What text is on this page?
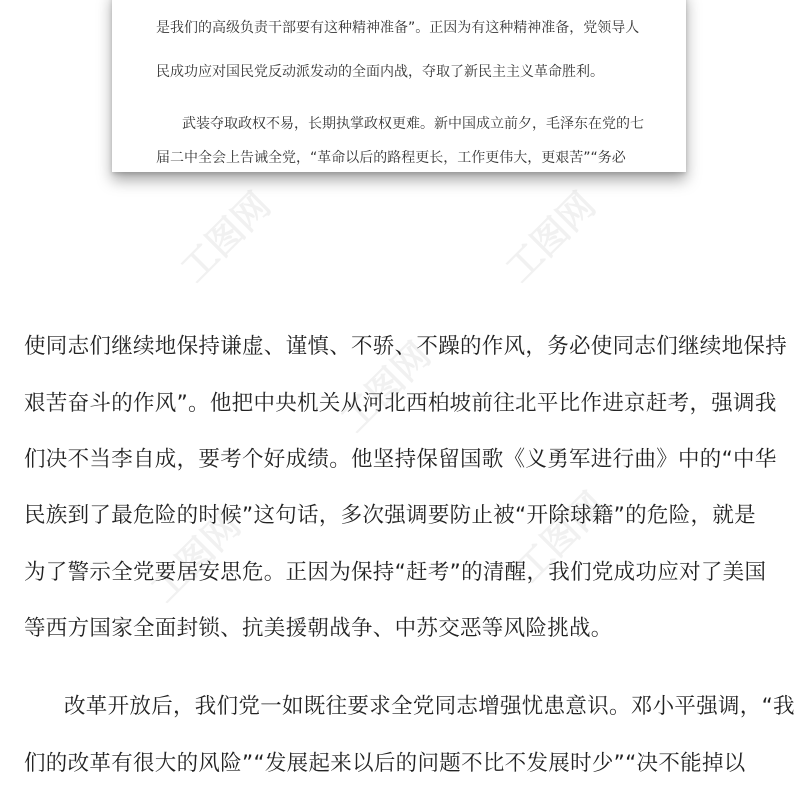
是我们的高级负责干部要有这种精神准备”。正因为有这种精神准备，党领导人
民成功应对国民党反动派发动的全面内战，夺取了新民主主义革命胜利。
武装夺取政权不易，长期执掌政权更难。新中国成立前夕，毛泽东在党的七
届二中全会上告诫全党，“革命以后的路程更长，工作更伟大，更艰苦”“务必
工图网	工图网
工图网
工图网	工图网
使同志们继续地保持谦虚、谨慎、不骄、不躁的作风，务必使同志们继续地保持
艰苦奋斗的作风”。他把中央机关从河北西柏坡前往北平比作进京赶考，强调我
们决不当李自成，要考个好成绩。他坚持保留国歌《义勇军进行曲》中的“中华
民族到了最危险的时候”这句话，多次强调要防止被“开除球籍”的危险，就是
为了警示全党要居安思危。正因为保持“赶考”的清醒，我们党成功应对了美国
等西方国家全面封锁、抗美援朝战争、中苏交恶等风险挑战。
改革开放后，我们党一如既往要求全党同志增强忧患意识。邓小平强调，“我
们的改革有很大的风险”“发展起来以后的问题不比不发展时少”“决不能掉以
